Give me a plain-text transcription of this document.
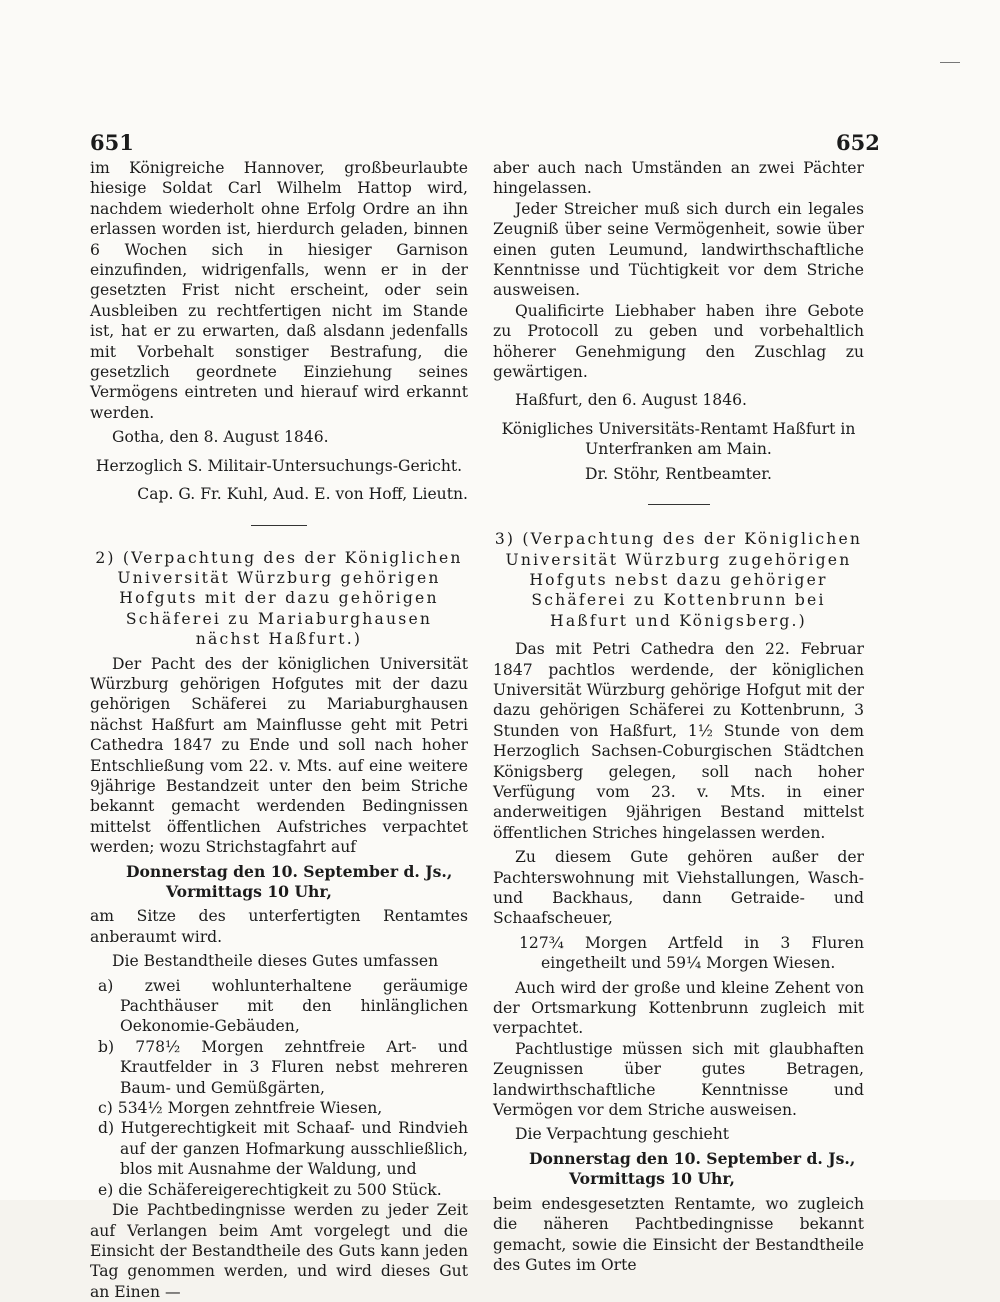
651	652

im Königreiche Hannover, großbeurlaubte hiesige Soldat Carl Wilhelm Hattop wird, nachdem wiederholt ohne Erfolg Ordre an ihn erlassen worden ist, hierdurch geladen, binnen 6 Wochen sich in hiesiger Garnison einzufinden, widrigenfalls, wenn er in der gesetzten Frist nicht erscheint, oder sein Ausbleiben zu rechtfertigen nicht im Stande ist, hat er zu erwarten, daß alsdann jedenfalls mit Vorbehalt sonstiger Bestrafung, die gesetzlich geordnete Einziehung seines Vermögens eintreten und hierauf wird erkannt werden.

Gotha, den 8. August 1846.

Herzoglich S. Militair-Untersuchungs-Gericht.

Cap. G. Fr. Kuhl, Aud. E. von Hoff, Lieutn.

2) (Verpachtung des der Königlichen Universität Würzburg gehörigen Hofguts mit der dazu gehörigen Schäferei zu Mariaburghausen nächst Haßfurt.)

Der Pacht des der königlichen Universität Würzburg gehörigen Hofgutes mit der dazu gehörigen Schäferei zu Mariaburghausen nächst Haßfurt am Mainflusse geht mit Petri Cathedra 1847 zu Ende und soll nach hoher Entschließung vom 22. v. Mts. auf eine weitere 9jährige Bestandzeit unter den beim Striche bekannt gemacht werdenden Bedingnissen mittelst öffentlichen Aufstriches verpachtet werden; wozu Strichstagfahrt auf

Donnerstag den 10. September d. Js.,

Vormittags 10 Uhr,

am Sitze des unterfertigten Rentamtes anberaumt wird.

Die Bestandtheile dieses Gutes umfassen

a) zwei wohlunterhaltene geräumige Pachthäuser mit den hinlänglichen Oekonomie-Gebäuden,

b) 778½ Morgen zehntfreie Art- und Krautfelder in 3 Fluren nebst mehreren Baum- und Gemüßgärten,

c) 534½ Morgen zehntfreie Wiesen,

d) Hutgerechtigkeit mit Schaaf- und Rindvieh auf der ganzen Hofmarkung ausschließlich, blos mit Ausnahme der Waldung, und

e) die Schäfereigerechtigkeit zu 500 Stück.

Die Pachtbedingnisse werden zu jeder Zeit auf Verlangen beim Amt vorgelegt und die Einsicht der Bestandtheile des Guts kann jeden Tag genommen werden, und wird dieses Gut an Einen —

aber auch nach Umständen an zwei Pächter hingelassen.

Jeder Streicher muß sich durch ein legales Zeugniß über seine Vermögenheit, sowie über einen guten Leumund, landwirthschaftliche Kenntnisse und Tüchtigkeit vor dem Striche ausweisen.

Qualificirte Liebhaber haben ihre Gebote zu Protocoll zu geben und vorbehaltlich höherer Genehmigung den Zuschlag zu gewärtigen.

Haßfurt, den 6. August 1846.

Königliches Universitäts-Rentamt Haßfurt in Unterfranken am Main.

Dr. Stöhr, Rentbeamter.

3) (Verpachtung des der Königlichen Universität Würzburg zugehörigen Hofguts nebst dazu gehöriger Schäferei zu Kottenbrunn bei Haßfurt und Königsberg.)

Das mit Petri Cathedra den 22. Februar 1847 pachtlos werdende, der königlichen Universität Würzburg gehörige Hofgut mit der dazu gehörigen Schäferei zu Kottenbrunn, 3 Stunden von Haßfurt, 1½ Stunde von dem Herzoglich Sachsen-Coburgischen Städtchen Königsberg gelegen, soll nach hoher Verfügung vom 23. v. Mts. in einer anderweitigen 9jährigen Bestand mittelst öffentlichen Striches hingelassen werden.

Zu diesem Gute gehören außer der Pachterswohnung mit Viehstallungen, Wasch- und Backhaus, dann Getraide- und Schaafscheuer,

127¾ Morgen Artfeld in 3 Fluren eingetheilt und 59¼ Morgen Wiesen.

Auch wird der große und kleine Zehent von der Ortsmarkung Kottenbrunn zugleich mit verpachtet.

Pachtlustige müssen sich mit glaubhaften Zeugnissen über gutes Betragen, landwirthschaftliche Kenntnisse und Vermögen vor dem Striche ausweisen.

Die Verpachtung geschieht

Donnerstag den 10. September d. Js.,

Vormittags 10 Uhr,

beim endesgesetzten Rentamte, wo zugleich die näheren Pachtbedingnisse bekannt gemacht, sowie die Einsicht der Bestandtheile des Gutes im Orte
